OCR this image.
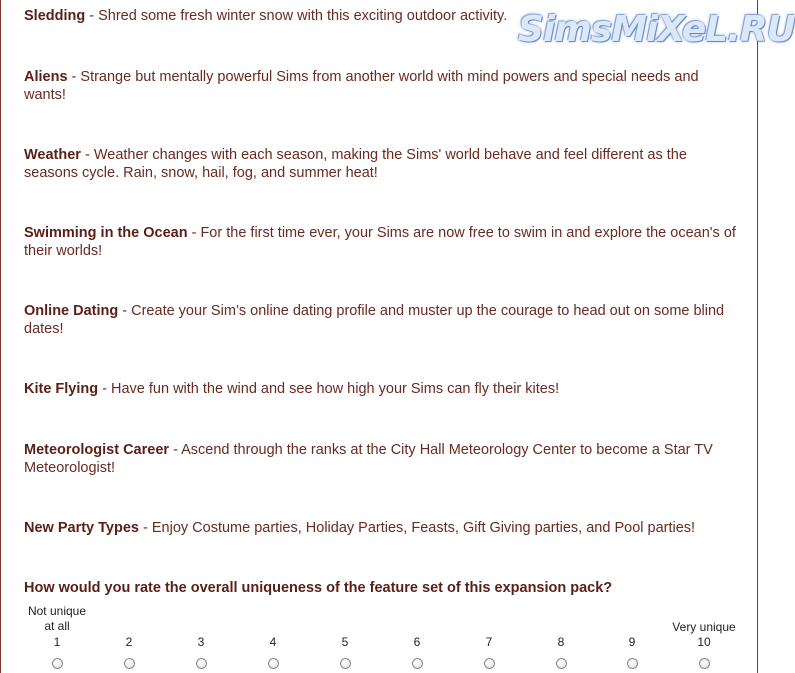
SimsMiXeL.RU
Sledding - Shred some fresh winter snow with this exciting outdoor activity.
Aliens - Strange but mentally powerful Sims from another world with mind powers and special needs and wants!
Weather - Weather changes with each season, making the Sims' world behave and feel different as the seasons cycle. Rain, snow, hail, fog, and summer heat!
Swimming in the Ocean - For the first time ever, your Sims are now free to swim in and explore the ocean's of their worlds!
Online Dating - Create your Sim’s online dating profile and muster up the courage to head out on some blind dates!
Kite Flying - Have fun with the wind and see how high your Sims can fly their kites!
Meteorologist Career - Ascend through the ranks at the City Hall Meteorology Center to become a Star TV Meteorologist!
New Party Types - Enjoy Costume parties, Holiday Parties, Feasts, Gift Giving parties, and Pool parties!
How would you rate the overall uniqueness of the feature set of this expansion pack?
Not unique
at all
1	2	3	4	5	6	7	8	9
Very unique
10
